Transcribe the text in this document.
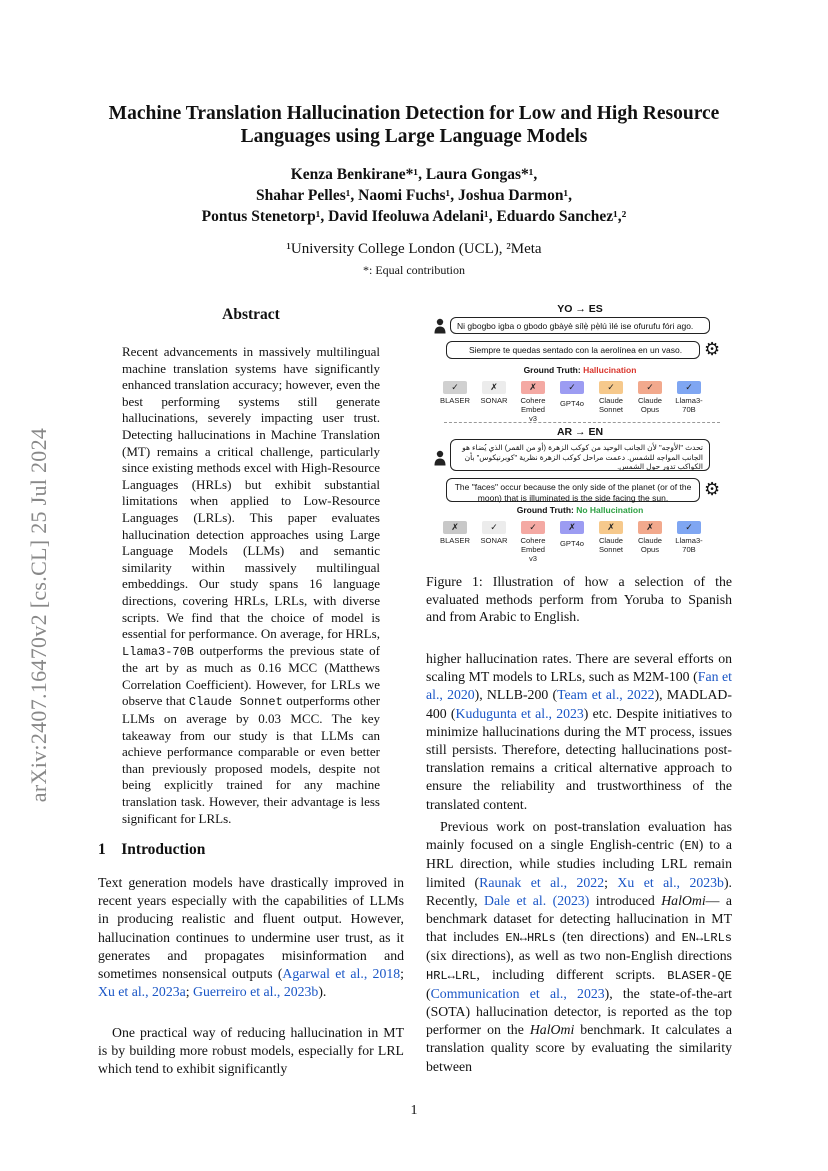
arXiv:2407.16470v2 [cs.CL] 25 Jul 2024
Machine Translation Hallucination Detection for Low and High Resource Languages using Large Language Models
Kenza Benkirane*¹, Laura Gongas*¹,
Shahar Pelles¹, Naomi Fuchs¹, Joshua Darmon¹,
Pontus Stenetorp¹, David Ifeoluwa Adelani¹, Eduardo Sanchez¹,²
¹University College London (UCL), ²Meta
*: Equal contribution
Abstract
Recent advancements in massively multilingual machine translation systems have significantly enhanced translation accuracy; however, even the best performing systems still generate hallucinations, severely impacting user trust. Detecting hallucinations in Machine Translation (MT) remains a critical challenge, particularly since existing methods excel with High-Resource Languages (HRLs) but exhibit substantial limitations when applied to Low-Resource Languages (LRLs). This paper evaluates hallucination detection approaches using Large Language Models (LLMs) and semantic similarity within massively multilingual embeddings. Our study spans 16 language directions, covering HRLs, LRLs, with diverse scripts. We find that the choice of model is essential for performance. On average, for HRLs, Llama3-70B outperforms the previous state of the art by as much as 0.16 MCC (Matthews Correlation Coefficient). However, for LRLs we observe that Claude Sonnet outperforms other LLMs on average by 0.03 MCC. The key takeaway from our study is that LLMs can achieve performance comparable or even better than previously proposed models, despite not being explicitly trained for any machine translation task. However, their advantage is less significant for LRLs.
1 Introduction
Text generation models have drastically improved in recent years especially with the capabilities of LLMs in producing realistic and fluent output. However, hallucination continues to undermine user trust, as it generates and propagates misinformation and sometimes nonsensical outputs (Agarwal et al., 2018; Xu et al., 2023a; Guerreiro et al., 2023b).
One practical way of reducing hallucination in MT is by building more robust models, especially for LRL which tend to exhibit significantly
YO → ES
Ni gbogbo igba o gbodo gbàyè sílẹ̀ pẹ̀lú ìlé ise ofurufu fóri ago.
Siempre te quedas sentado con la aerolínea en un vaso.	⚙
Ground Truth: Hallucination
✓
BLASER
✗
SONAR
✗
Cohere Embed v3
✓
GPT4o
✓
Claude Sonnet
✓
Claude Opus
✓
Llama3-70B
AR → EN
تحدث "الأوجه" لأن الجانب الوحيد من كوكب الزهرة (أو من القمر) الذي يُضاء هو الجانب المواجه للشمس. دعمت مراحل كوكب الزهرة نظرية "كوبرنيكوس" بأن الكواكب تدور حول الشمس.
The "faces" occur because the only side of the planet (or of the moon) that is illuminated is the side facing the sun.	⚙
Ground Truth: No Hallucination
✗
BLASER
✓
SONAR
✓
Cohere Embed v3
✗
GPT4o
✗
Claude Sonnet
✗
Claude Opus
✓
Llama3-70B
Figure 1: Illustration of how a selection of the evaluated methods perform from Yoruba to Spanish and from Arabic to English.
higher hallucination rates. There are several efforts on scaling MT models to LRLs, such as M2M-100 (Fan et al., 2020), NLLB-200 (Team et al., 2022), MADLAD-400 (Kudugunta et al., 2023) etc. Despite initiatives to minimize hallucinations during the MT process, issues still persists. Therefore, detecting hallucinations post-translation remains a critical alternative approach to ensure the reliability and trustworthiness of the translated content.
Previous work on post-translation evaluation has mainly focused on a single English-centric (EN) to a HRL direction, while studies including LRL remain limited (Raunak et al., 2022; Xu et al., 2023b). Recently, Dale et al. (2023) introduced HalOmi— a benchmark dataset for detecting hallucination in MT that includes EN↔HRLs (ten directions) and EN↔LRLs (six directions), as well as two non-English directions HRL↔LRL, including different scripts. BLASER-QE (Communication et al., 2023), the state-of-the-art (SOTA) hallucination detector, is reported as the top performer on the HalOmi benchmark. It calculates a translation quality score by evaluating the similarity between
1
